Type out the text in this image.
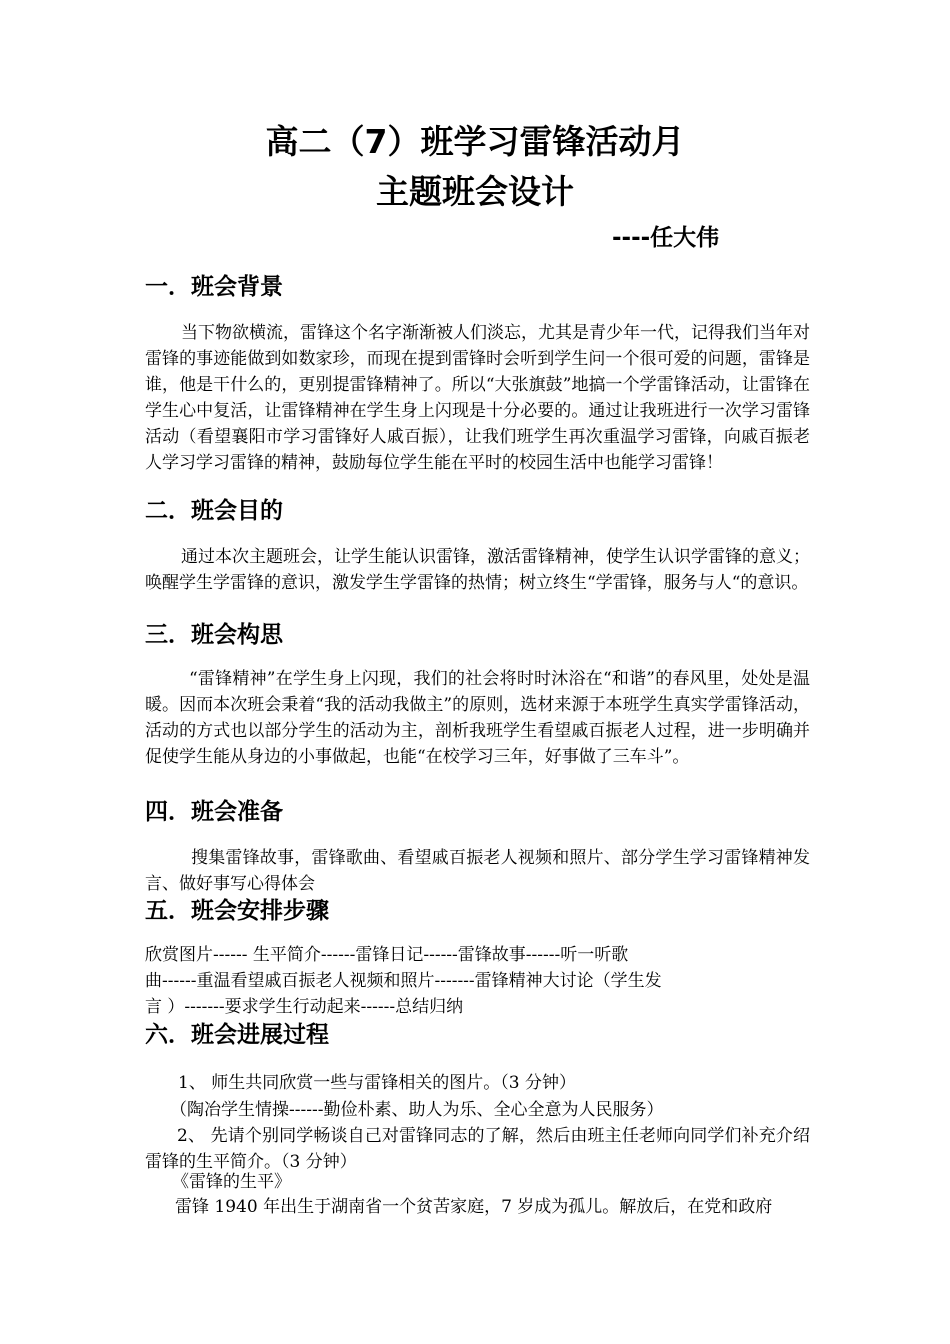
高二（7）班学习雷锋活动月
主题班会设计
----任大伟
一．班会背景

当下物欲横流，雷锋这个名字渐渐被人们淡忘，尤其是青少年一代，记得我们当年对雷锋的事迹能做到如数家珍，而现在提到雷锋时会听到学生问一个很可爱的问题，雷锋是谁，他是干什么的，更别提雷锋精神了。所以“大张旗鼓”地搞一个学雷锋活动，让雷锋在学生心中复活，让雷锋精神在学生身上闪现是十分必要的。通过让我班进行一次学习雷锋活动（看望襄阳市学习雷锋好人戚百振），让我们班学生再次重温学习雷锋，向戚百振老人学习学习雷锋的精神，鼓励每位学生能在平时的校园生活中也能学习雷锋！

二．班会目的

通过本次主题班会，让学生能认识雷锋，激活雷锋精神，使学生认识学雷锋的意义；唤醒学生学雷锋的意识，激发学生学雷锋的热情；树立终生“学雷锋，服务与人“的意识。

三．班会构思

“雷锋精神”在学生身上闪现，我们的社会将时时沐浴在“和谐”的春风里，处处是温暖。因而本次班会秉着“我的活动我做主”的原则，选材来源于本班学生真实学雷锋活动，活动的方式也以部分学生的活动为主，剖析我班学生看望戚百振老人过程，进一步明确并促使学生能从身边的小事做起，也能“在校学习三年，好事做了三车斗”。

四．班会准备

搜集雷锋故事，雷锋歌曲、看望戚百振老人视频和照片、部分学生学习雷锋精神发言、做好事写心得体会

五．班会安排步骤
欣赏图片------ 生平简介------雷锋日记------雷锋故事------听一听歌
曲------重温看望戚百振老人视频和照片-------雷锋精神大讨论（学生发
言 ）-------要求学生行动起来------总结归纳
六．班会进展过程
1、 师生共同欣赏一些与雷锋相关的图片。（3 分钟）
（陶冶学生情操------勤俭朴素、助人为乐、全心全意为人民服务）

2、 先请个别同学畅谈自己对雷锋同志的了解，然后由班主任老师向同学们补充介绍雷锋的生平简介。（3 分钟）

《雷锋的生平》
雷锋 1940 年出生于湖南省一个贫苦家庭，7 岁成为孤儿。解放后，在党和政府
